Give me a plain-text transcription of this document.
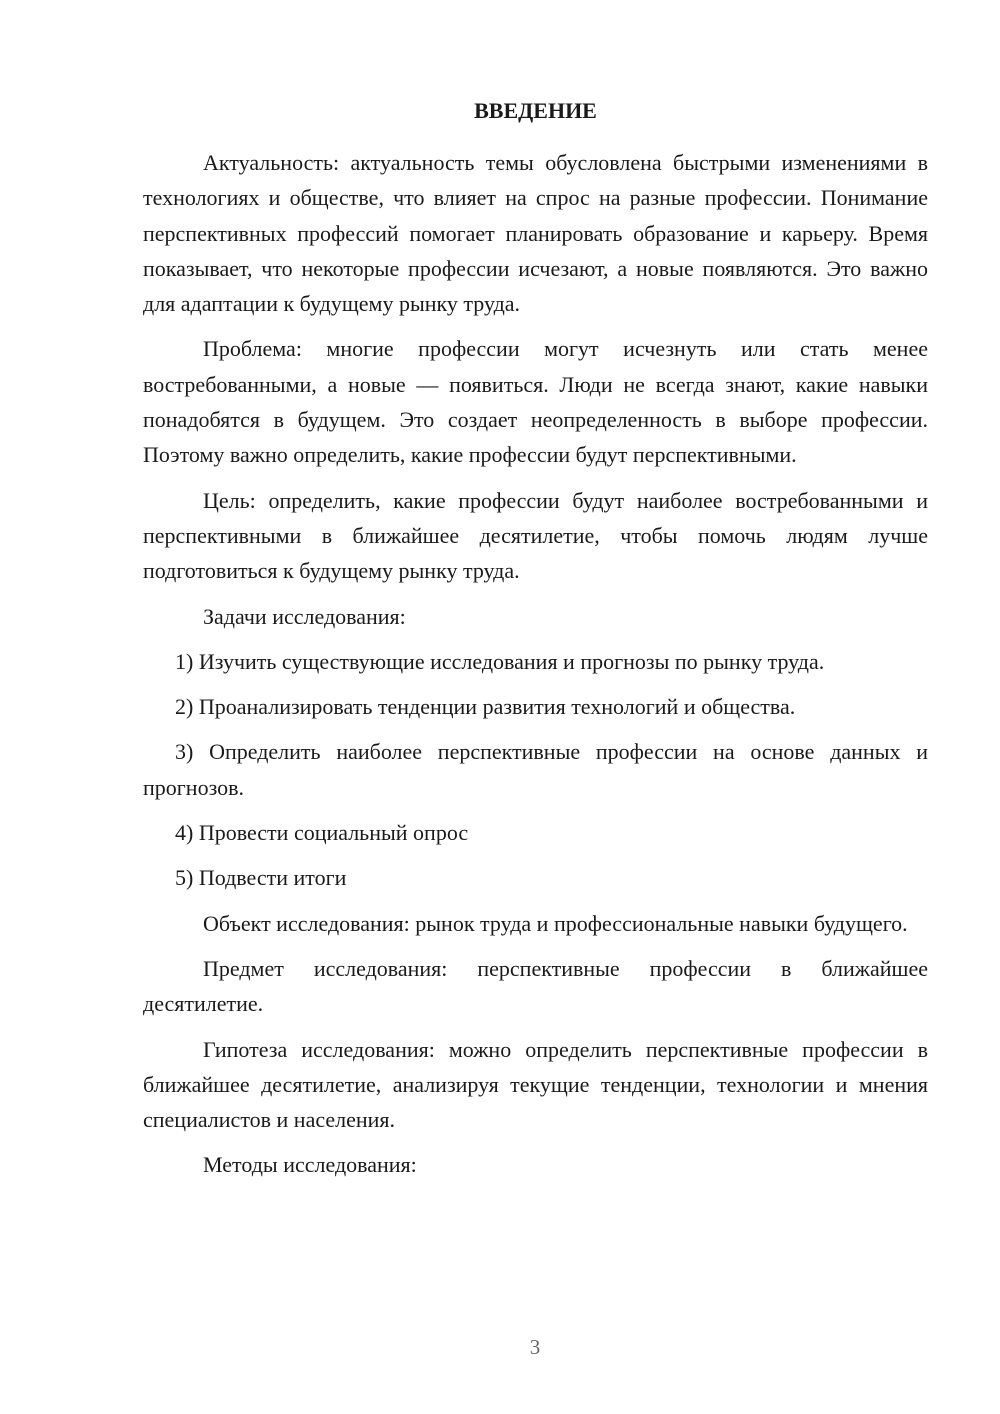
ВВЕДЕНИЕ

Актуальность: актуальность темы обусловлена быстрыми изменениями в технологиях и обществе, что влияет на спрос на разные профессии. Понимание перспективных профессий помогает планировать образование и карьеру. Время показывает, что некоторые профессии исчезают, а новые появляются. Это важно для адаптации к будущему рынку труда.

Проблема: многие профессии могут исчезнуть или стать менее востребованными, а новые — появиться. Люди не всегда знают, какие навыки понадобятся в будущем. Это создает неопределенность в выборе профессии. Поэтому важно определить, какие профессии будут перспективными.

Цель: определить, какие профессии будут наиболее востребованными и перспективными в ближайшее десятилетие, чтобы помочь людям лучше подготовиться к будущему рынку труда.

Задачи исследования:

1) Изучить существующие исследования и прогнозы по рынку труда.

2) Проанализировать тенденции развития технологий и общества.

3) Определить наиболее перспективные профессии на основе данных и прогнозов.

4) Провести социальный опрос

5) Подвести итоги

Объект исследования: рынок труда и профессиональные навыки будущего.

Предмет исследования: перспективные профессии в ближайшее десятилетие.

Гипотеза исследования: можно определить перспективные профессии в ближайшее десятилетие, анализируя текущие тенденции, технологии и мнения специалистов и населения.

Методы исследования:

3
